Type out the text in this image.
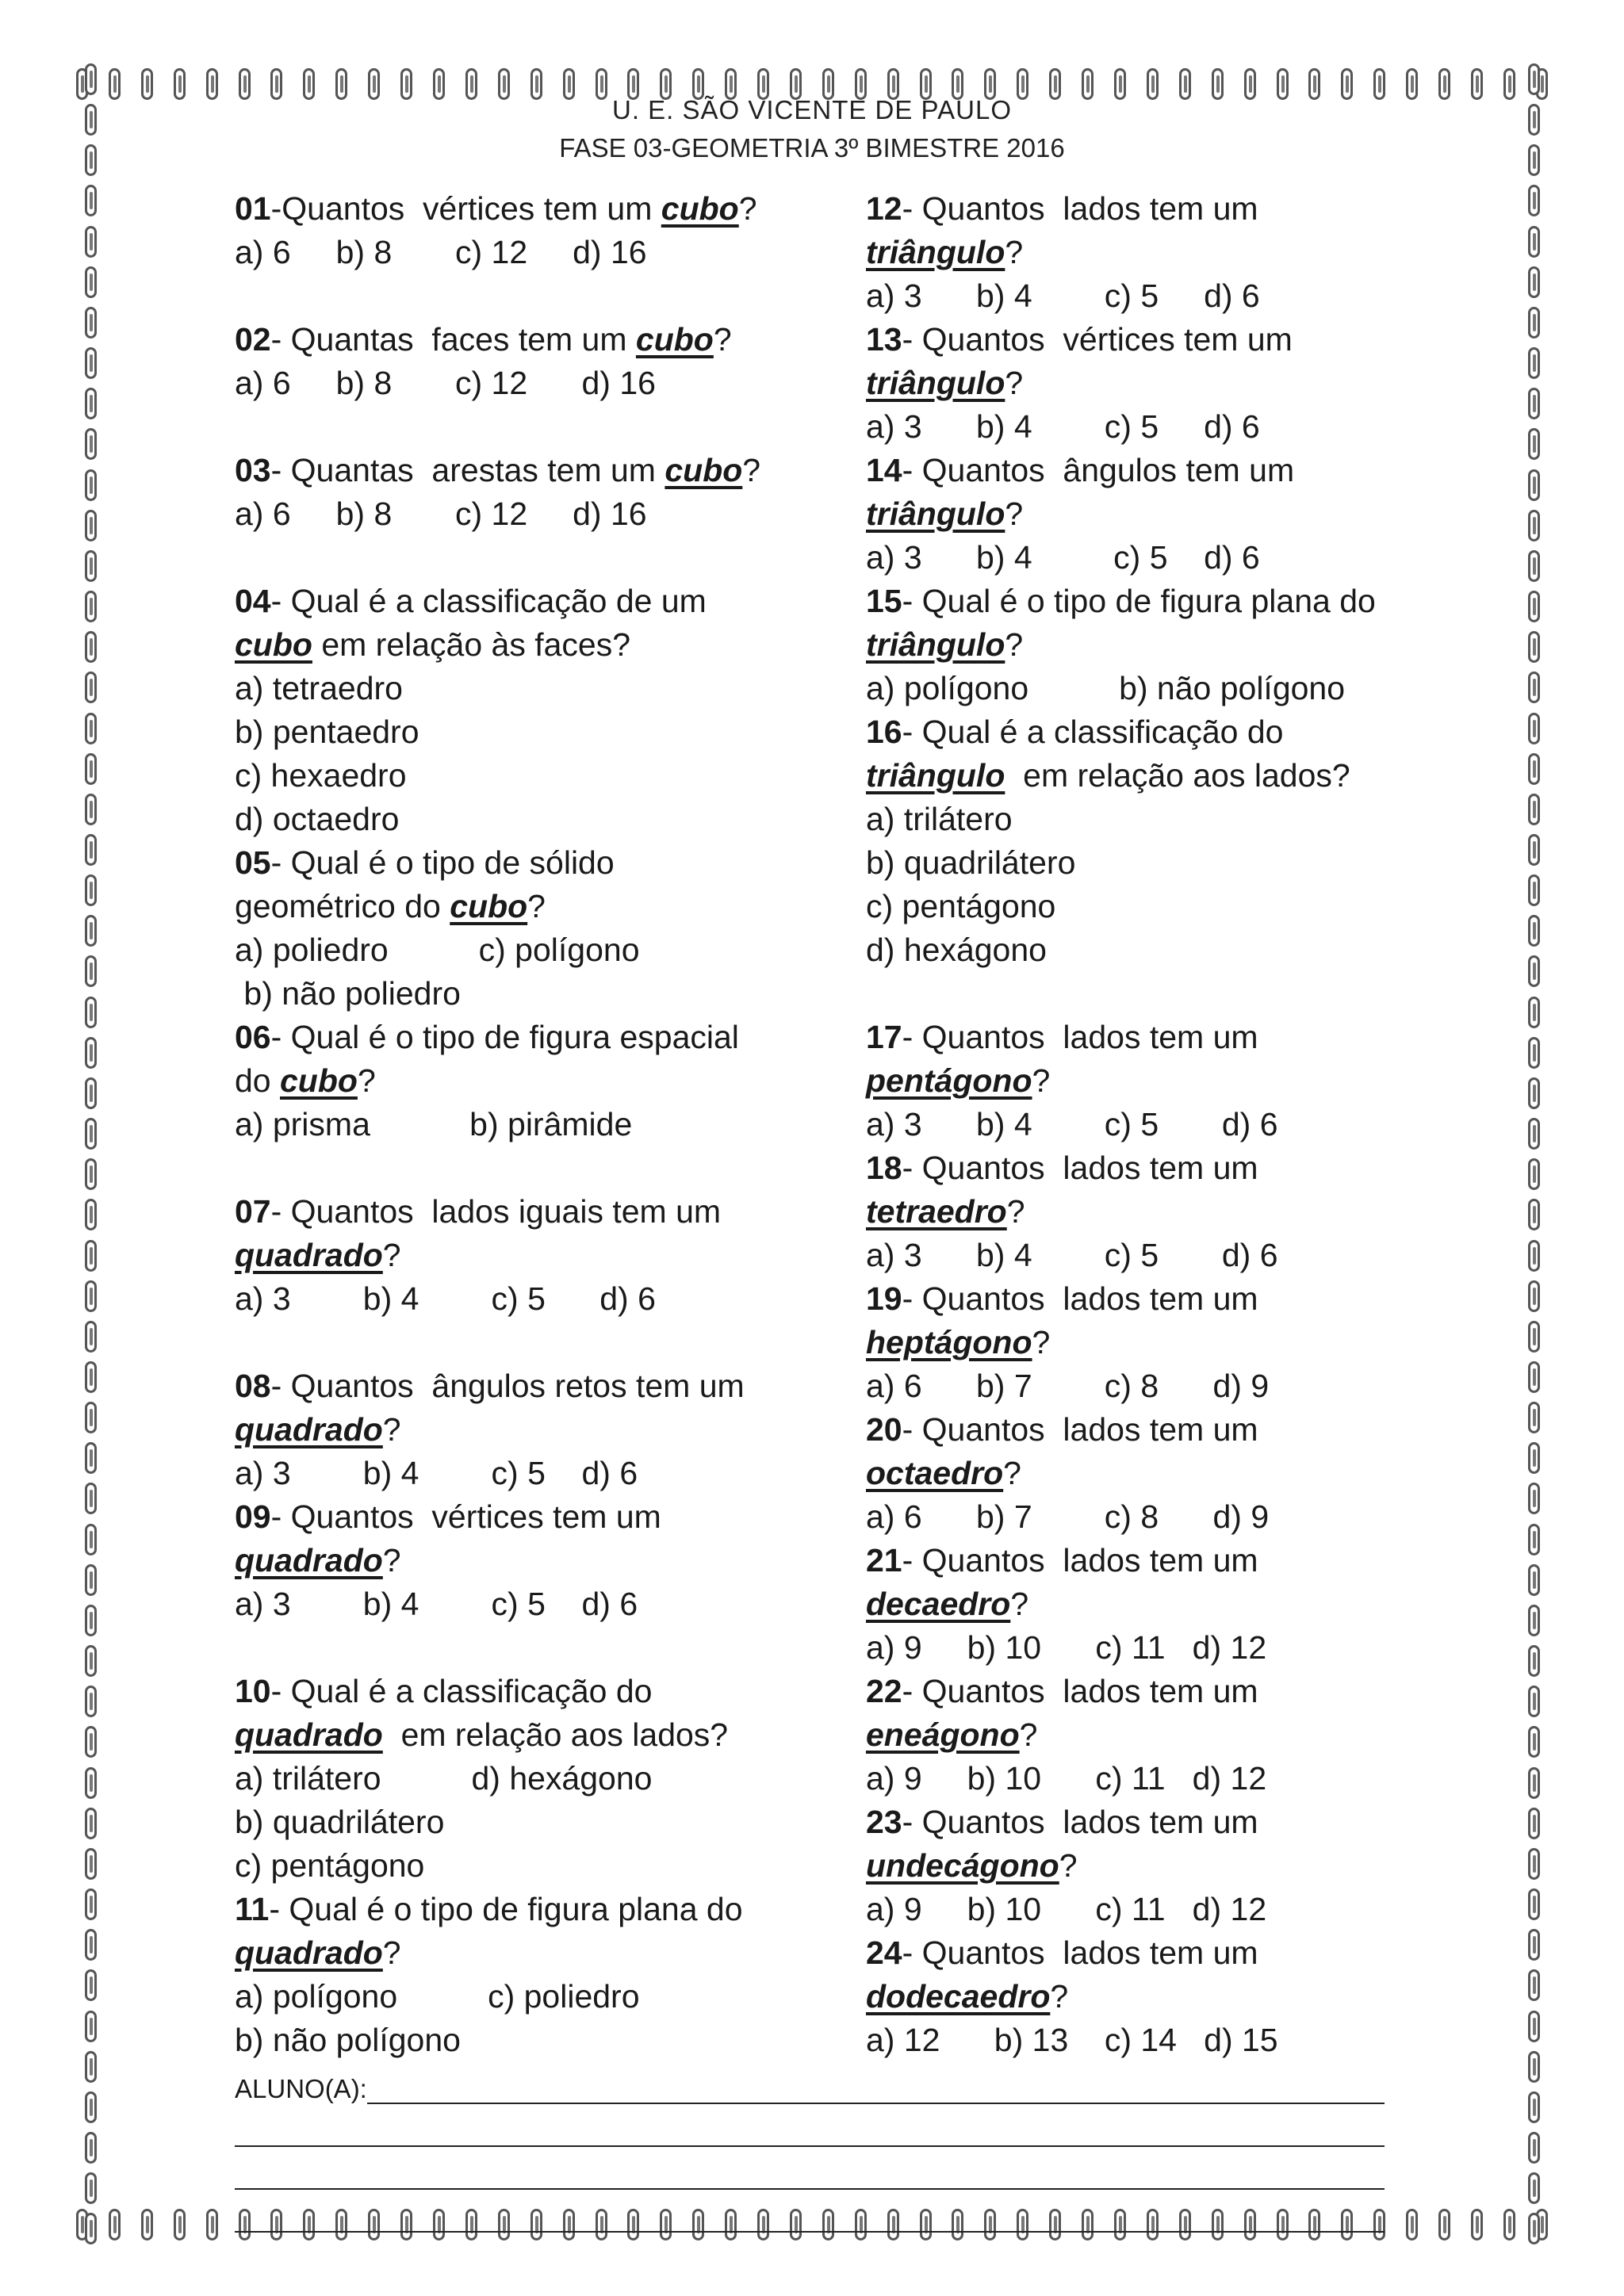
U. E. SÃO VICENTE DE PAULO
FASE 03-GEOMETRIA 3º BIMESTRE 2016
01-Quantos  vértices tem um cubo?
a) 6     b) 8       c) 12     d) 16
02- Quantas  faces tem um cubo?
a) 6     b) 8       c) 12      d) 16
03- Quantas  arestas tem um cubo?
a) 6     b) 8       c) 12     d) 16
04- Qual é a classificação de um
cubo em relação às faces?
a) tetraedro
b) pentaedro
c) hexaedro
d) octaedro
05- Qual é o tipo de sólido
geométrico do cubo?
a) poliedro          c) polígono
b) não poliedro
06- Qual é o tipo de figura espacial
do cubo?
a) prisma           b) pirâmide
07- Quantos  lados iguais tem um
quadrado?
a) 3        b) 4        c) 5      d) 6
08- Quantos  ângulos retos tem um
quadrado?
a) 3        b) 4        c) 5    d) 6
09- Quantos  vértices tem um
quadrado?
a) 3        b) 4        c) 5    d) 6
10- Qual é a classificação do
quadrado  em relação aos lados?
a) trilátero          d) hexágono
b) quadrilátero
c) pentágono
11- Qual é o tipo de figura plana do
quadrado?
a) polígono          c) poliedro
b) não polígono
12- Quantos  lados tem um
triângulo?
a) 3      b) 4        c) 5     d) 6
13- Quantos  vértices tem um
triângulo?
a) 3      b) 4        c) 5     d) 6
14- Quantos  ângulos tem um
triângulo?
a) 3      b) 4         c) 5    d) 6
15- Qual é o tipo de figura plana do
triângulo?
a) polígono          b) não polígono
16- Qual é a classificação do
triângulo  em relação aos lados?
a) trilátero
b) quadrilátero
c) pentágono
d) hexágono
17- Quantos  lados tem um
pentágono?
a) 3      b) 4        c) 5       d) 6
18- Quantos  lados tem um
tetraedro?
a) 3      b) 4        c) 5       d) 6
19- Quantos  lados tem um
heptágono?
a) 6      b) 7        c) 8      d) 9
20- Quantos  lados tem um
octaedro?
a) 6      b) 7        c) 8      d) 9
21- Quantos  lados tem um
decaedro?
a) 9     b) 10      c) 11   d) 12
22- Quantos  lados tem um
eneágono?
a) 9     b) 10      c) 11   d) 12
23- Quantos  lados tem um
undecágono?
a) 9     b) 10      c) 11   d) 12
24- Quantos  lados tem um
dodecaedro?
a) 12      b) 13    c) 14   d) 15
ALUNO(A):
